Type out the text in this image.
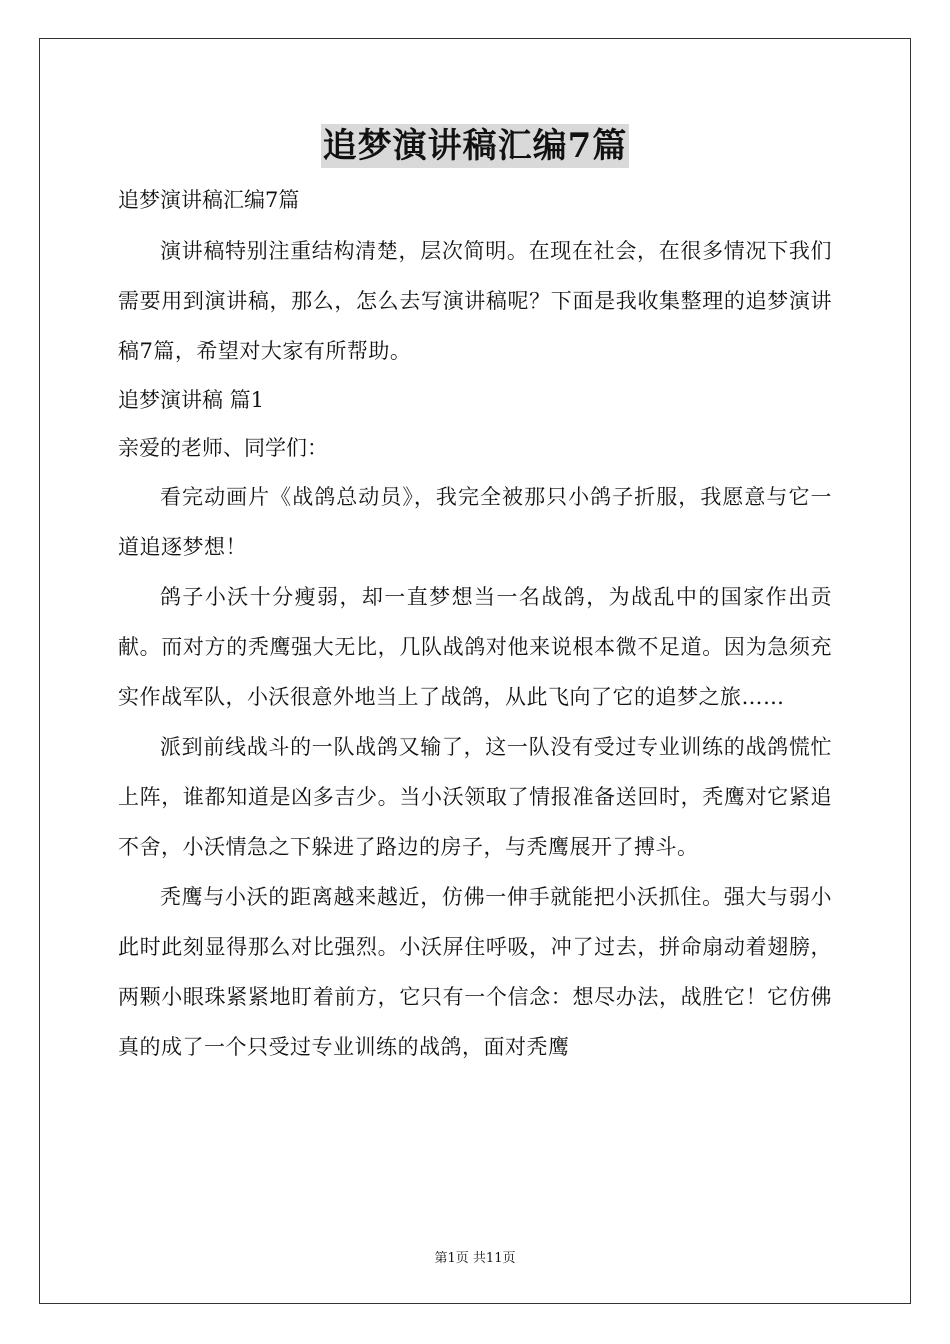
追梦演讲稿汇编7篇

追梦演讲稿汇编7篇

演讲稿特别注重结构清楚，层次简明。在现在社会，在很多情况下我们需要用到演讲稿，那么，怎么去写演讲稿呢？下面是我收集整理的追梦演讲稿7篇，希望对大家有所帮助。

追梦演讲稿 篇1

亲爱的老师、同学们：

看完动画片《战鸽总动员》，我完全被那只小鸽子折服，我愿意与它一道追逐梦想！

鸽子小沃十分瘦弱，却一直梦想当一名战鸽，为战乱中的国家作出贡献。而对方的秃鹰强大无比，几队战鸽对他来说根本微不足道。因为急须充实作战军队，小沃很意外地当上了战鸽，从此飞向了它的追梦之旅……

派到前线战斗的一队战鸽又输了，这一队没有受过专业训练的战鸽慌忙上阵，谁都知道是凶多吉少。当小沃领取了情报准备送回时，秃鹰对它紧追不舍，小沃情急之下躲进了路边的房子，与秃鹰展开了搏斗。

秃鹰与小沃的距离越来越近，仿佛一伸手就能把小沃抓住。强大与弱小此时此刻显得那么对比强烈。小沃屏住呼吸，冲了过去，拼命扇动着翅膀，两颗小眼珠紧紧地盯着前方，它只有一个信念：想尽办法，战胜它！它仿佛真的成了一个只受过专业训练的战鸽，面对秃鹰

第1页 共11页
